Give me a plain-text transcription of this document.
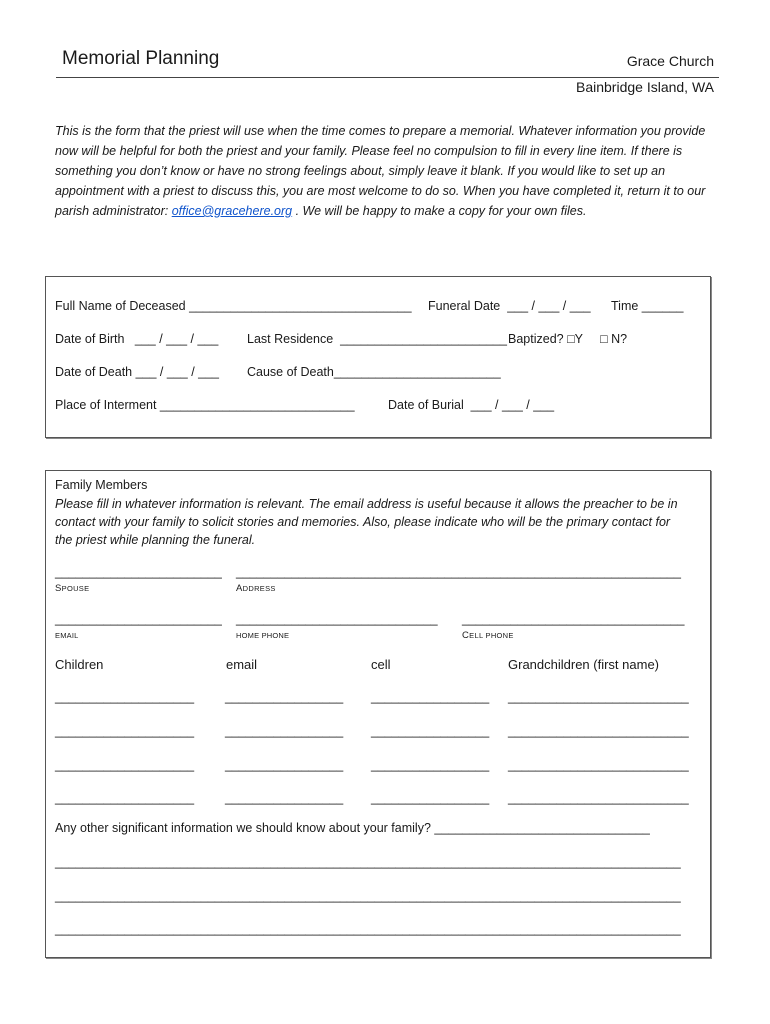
Memorial Planning	Grace Church
Bainbridge Island, WA
This is the form that the priest will use when the time comes to prepare a memorial. Whatever information you provide now will be helpful for both the priest and your family. Please feel no compulsion to fill in every line item. If there is something you don’t know or have no strong feelings about, simply leave it blank. If you would like to set up an appointment with a priest to discuss this, you are most welcome to do so. When you have completed it, return it to our parish administrator: office@gracehere.org . We will be happy to make a copy for your own files.
Full Name of Deceased ________________________________ Funeral Date  ___ / ___ / ___ Time ______
Date of Birth   ___ / ___ / ___ Last Residence  ________________________ Baptized? □Y     □ N?
Date of Death ___ / ___ / ___ Cause of Death________________________
Place of Interment ____________________________	Date of Burial  ___ / ___ / ___
Family Members
Please fill in whatever information is relevant. The email address is useful because it allows the preacher to be in
contact with your family to solicit stories and memories. Also, please indicate who will be the primary contact for
the priest while planning the funeral.
________________________ ________________________________________________________________
SPOUSE	ADDRESS
________________________ _____________________________ ________________________________
EMAIL	HOME PHONE	CELL PHONE
Children	email	cell	Grandchildren (first name)
____________________ _________________ _________________ __________________________
____________________ _________________ _________________ __________________________
____________________ _________________ _________________ __________________________
____________________ _________________ _________________ __________________________
Any other significant information we should know about your family? _______________________________
__________________________________________________________________________________________
__________________________________________________________________________________________
__________________________________________________________________________________________
